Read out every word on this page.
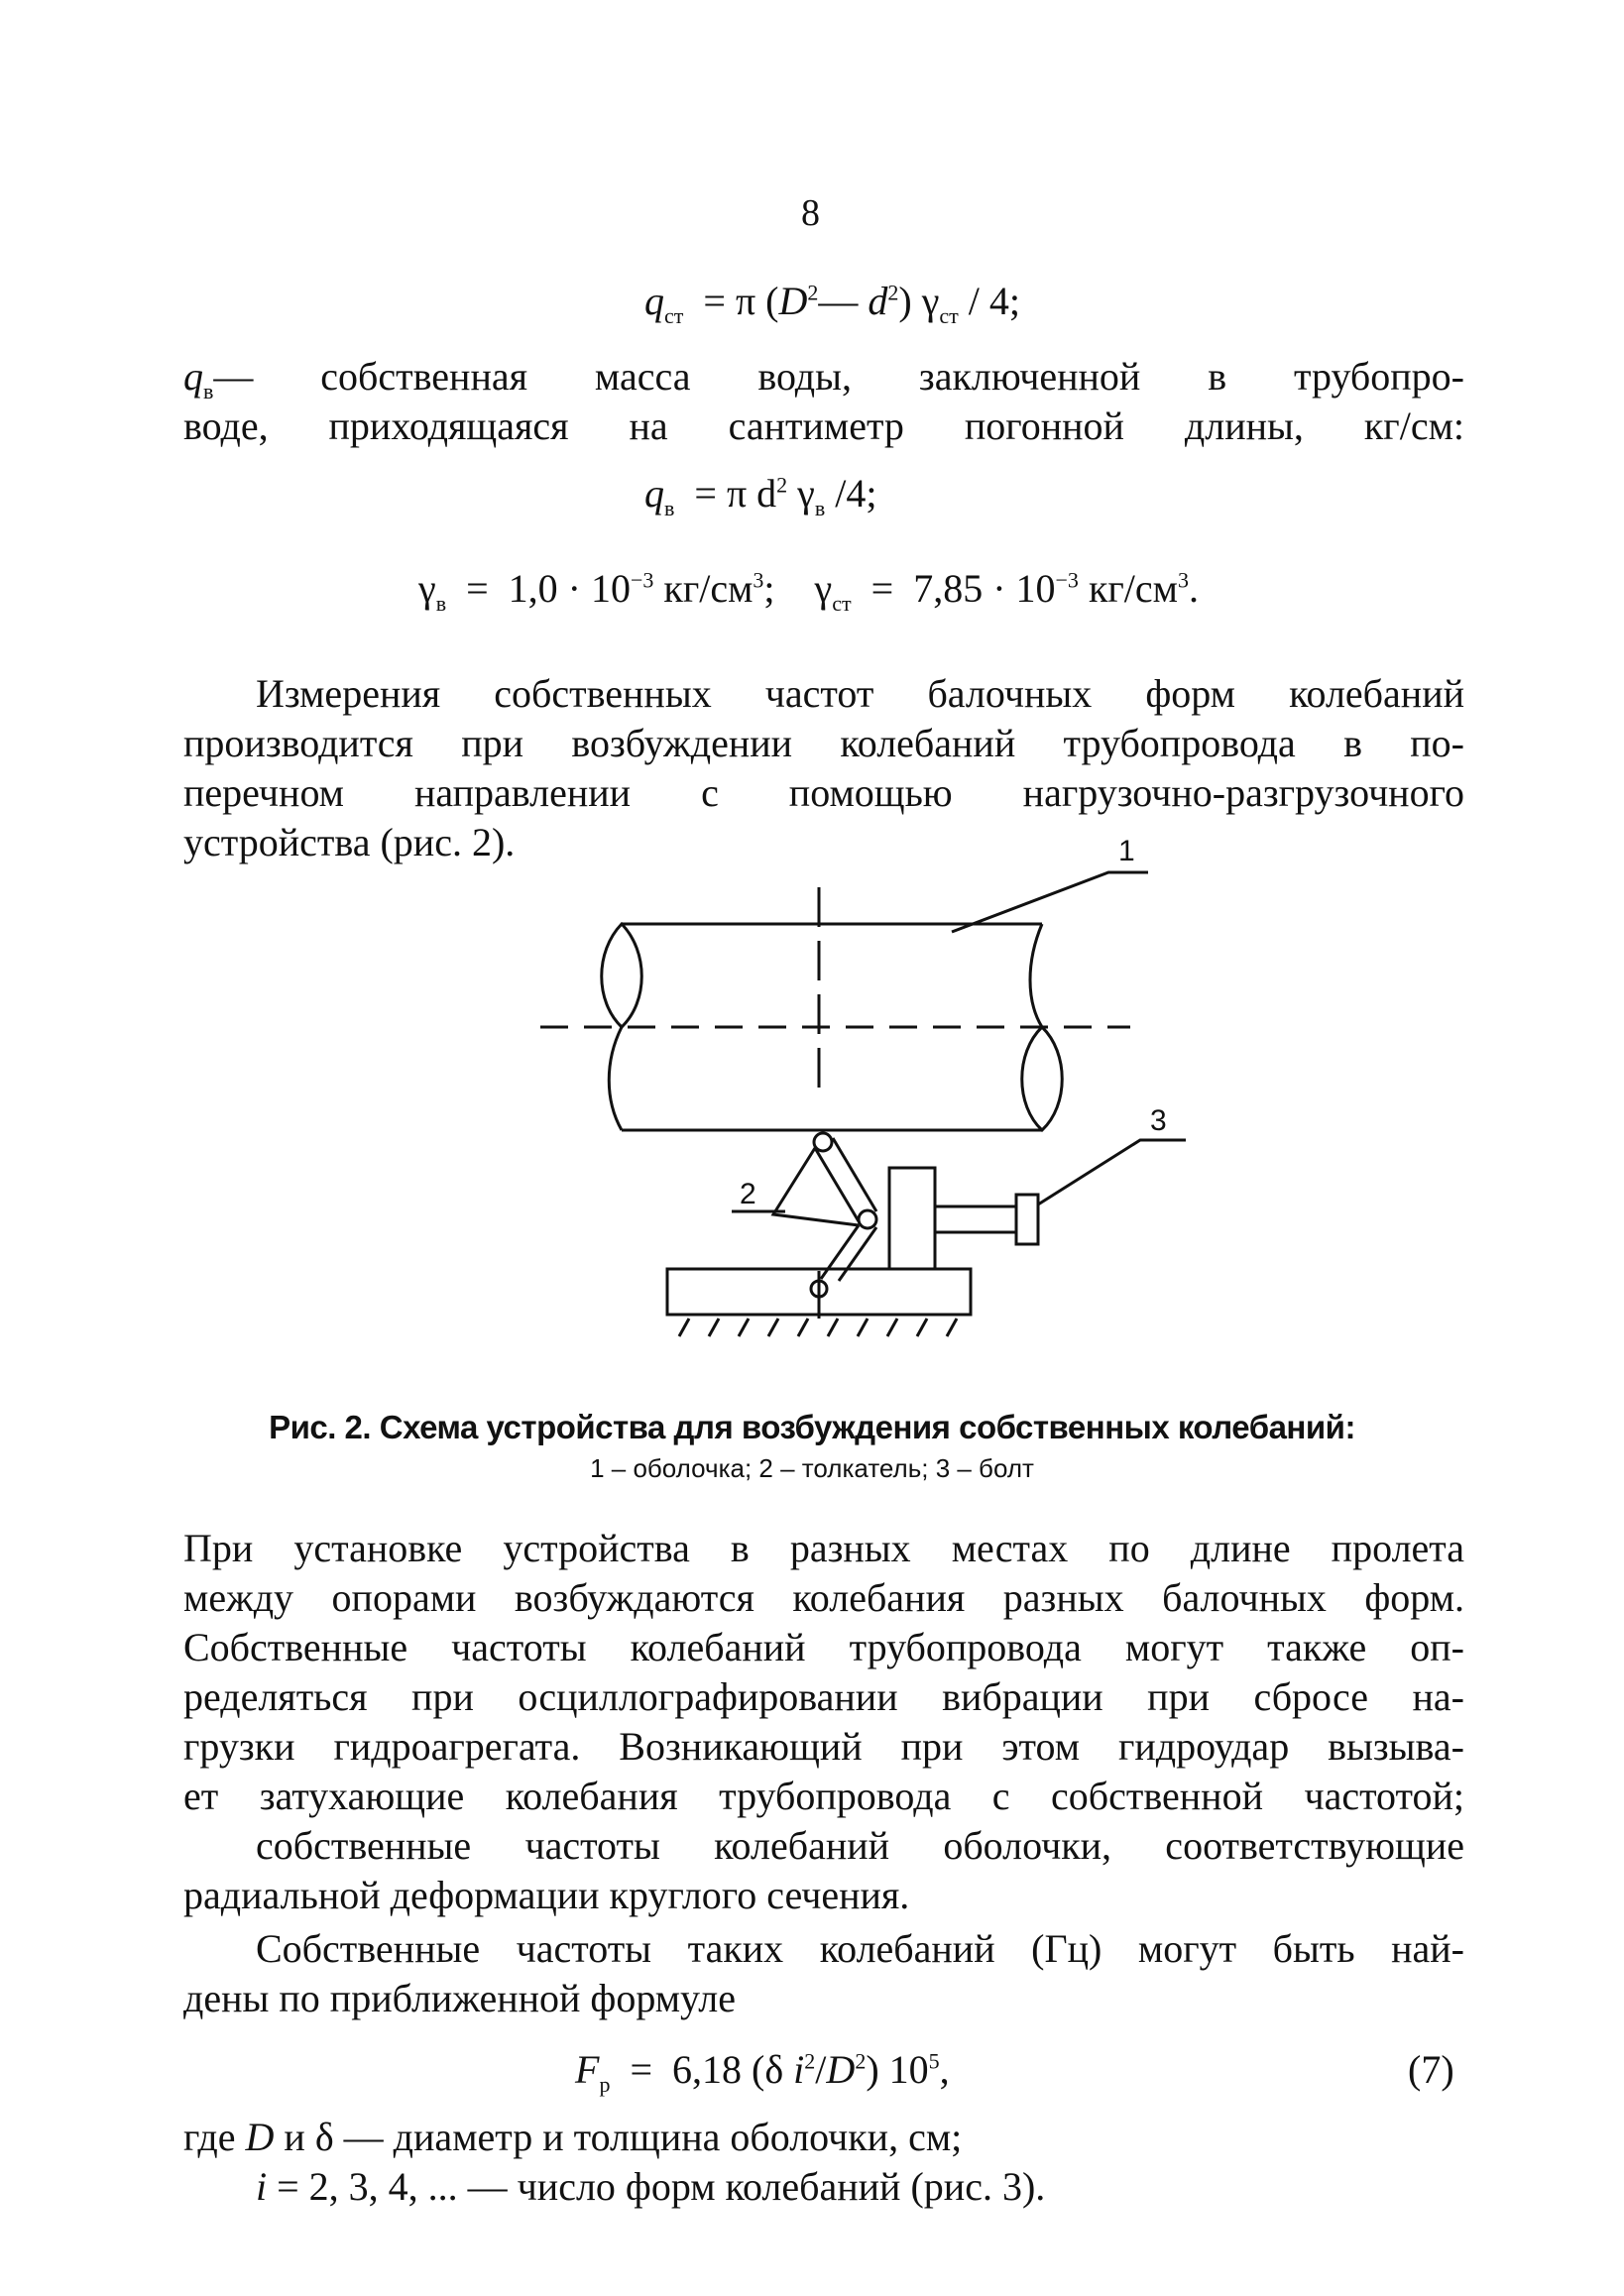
8
$q_{ст} = \pi$ ($D^2—$ $d^2$) $\gamma_{ст} / 4$;
$q_в—$ собственная масса воды, заключенной в трубопро-
воде, приходящаяся на сантиметр погонной длины, кг/см:
$q_в = \pi$ $d^2$ $\gamma_в$ /4;
$\gamma_в = 1,0 \cdot 10^{-3}$ $кг/см^3$; $\gamma_{ст} = 7,85 \cdot 10^{-3}$ $кг/см^3$.
Измерения собственных частот балочных форм колебаний
производится при возбуждении колебаний трубопровода в по-
перечном направлении с помощью нагрузочно-разгрузочного
устройства (рис. 2).	1
2
3
Рис. 2. Схема устройства для возбуждения собственных колебаний:
1 – оболочка; 2 – толкатель; 3 – болт
При установке устройства в разных местах по длине пролета
между опорами возбуждаются колебания разных балочных форм.
Собственные частоты колебаний трубопровода могут также оп-
ределяться при осциллографировании вибрации при сбросе на-
грузки гидроагрегата. Возникающий при этом гидроудар вызыва-
ет затухающие колебания трубопровода с собственной частотой;
собственные частоты колебаний оболочки, соответствующие
радиальной деформации круглого сечения.
Собственные частоты таких колебаний (Гц) могут быть най-
дены по приближенной формуле
$F_р = 6,18$ (δ $i^2/D^2$) $10^5$,	(7)
где D и δ — диаметр и толщина оболочки, см;
i = 2, 3, 4, ... — число форм колебаний (рис. 3).
